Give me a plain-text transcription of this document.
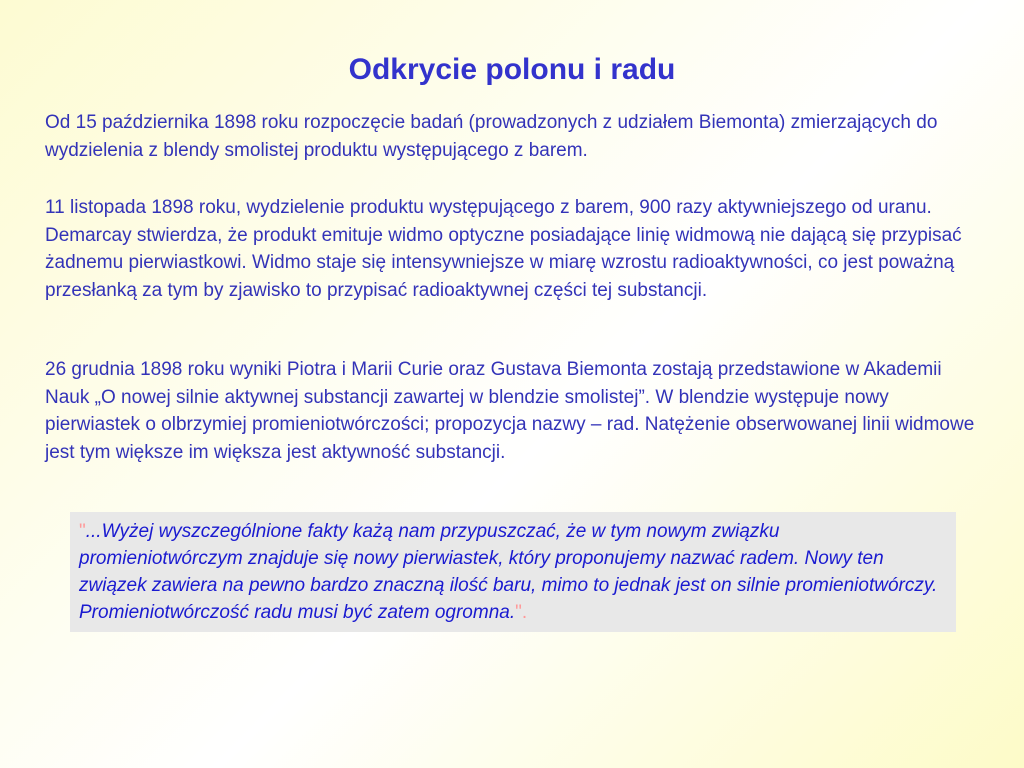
Odkrycie polonu i radu

Od 15 października 1898 roku rozpoczęcie badań (prowadzonych z udziałem Biemonta) zmierzających do wydzielenia z blendy smolistej produktu występującego z barem.

11 listopada 1898 roku, wydzielenie produktu występującego z barem, 900 razy aktywniejszego od uranu. Demarcay stwierdza, że produkt emituje widmo optyczne posiadające linię widmową nie dającą się przypisać żadnemu pierwiastkowi. Widmo staje się intensywniejsze w miarę wzrostu radioaktywności, co jest poważną przesłanką za tym by zjawisko to przypisać radioaktywnej części tej substancji.

26 grudnia 1898 roku wyniki Piotra i Marii Curie oraz Gustava Biemonta zostają przedstawione w Akademii Nauk „O nowej silnie aktywnej substancji zawartej w blendzie smolistej”. W blendzie występuje nowy pierwiastek o olbrzymiej promieniotwórczości; propozycja nazwy – rad. Natężenie obserwowanej linii widmowe jest tym większe im większa jest aktywność substancji.

"...Wyżej wyszczególnione fakty każą nam przypuszczać, że w tym nowym związku promieniotwórczym znajduje się nowy pierwiastek, który proponujemy nazwać radem. Nowy ten związek zawiera na pewno bardzo znaczną ilość baru, mimo to jednak jest on silnie promieniotwórczy. Promieniotwórczość radu musi być zatem ogromna.".
